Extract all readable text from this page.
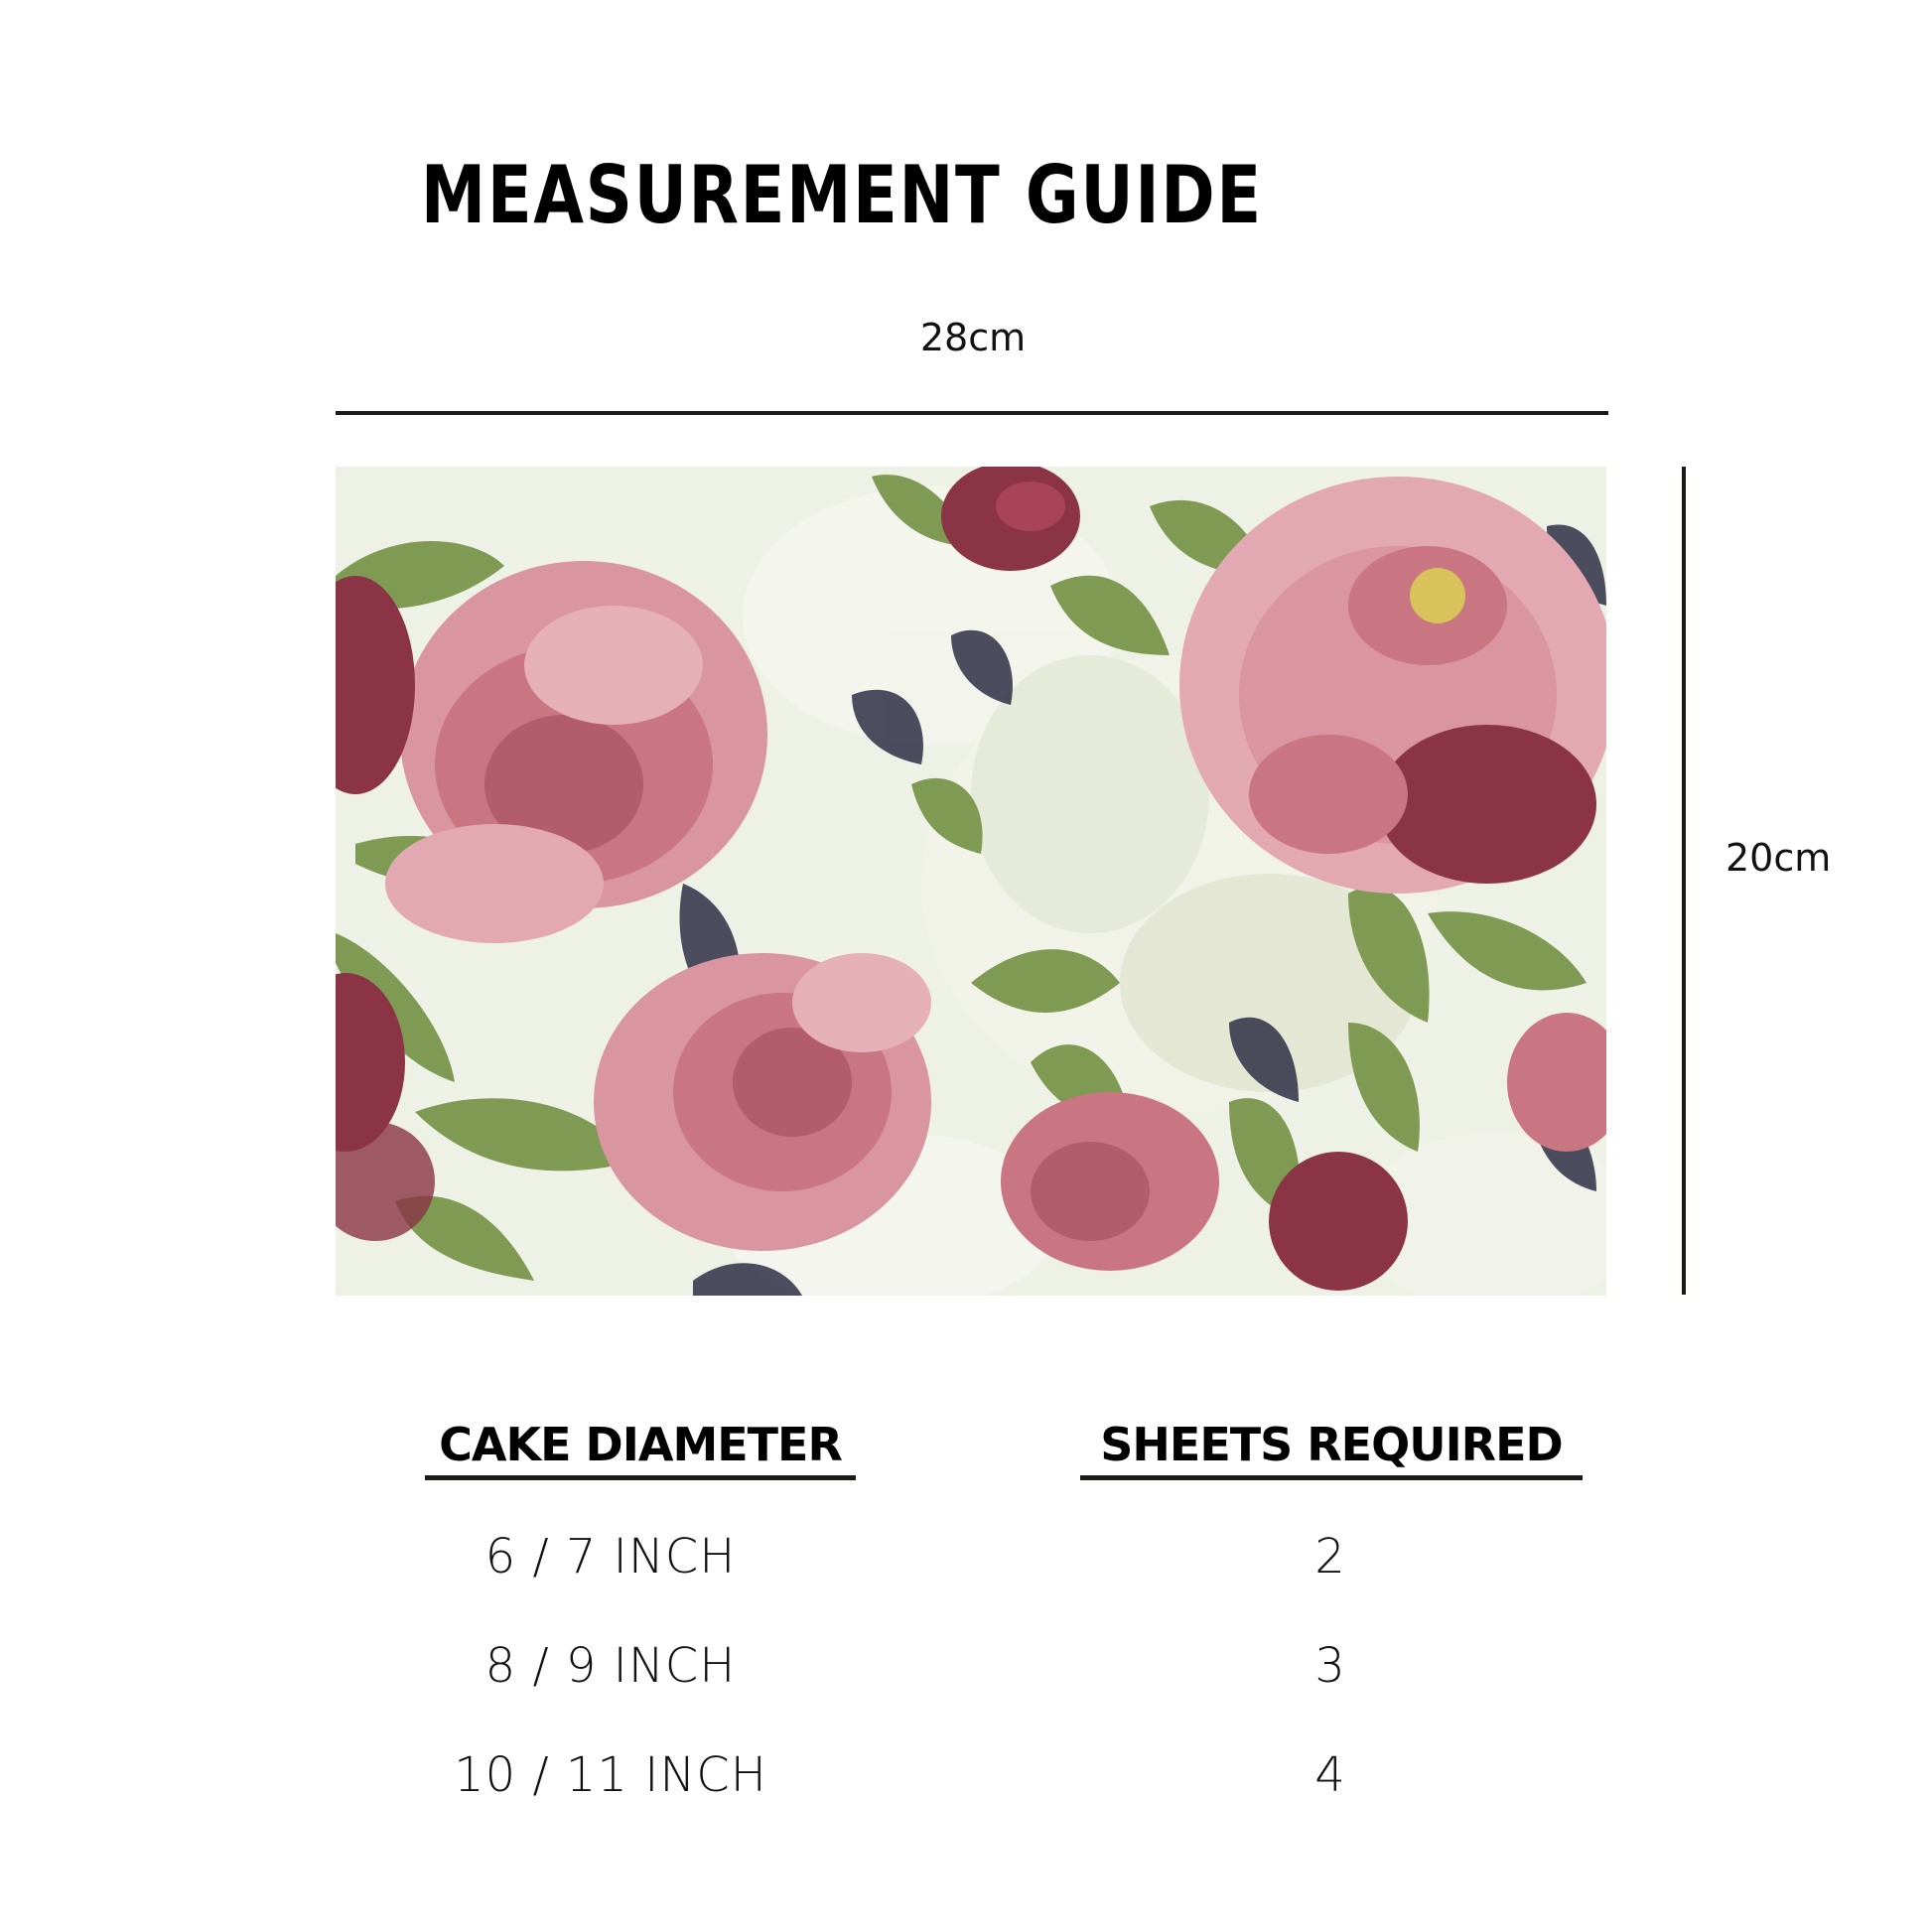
MEASUREMENT GUIDE
28cm
20cm
CAKE DIAMETER	SHEETS REQUIRED
6 / 7 INCH	2
8 / 9 INCH	3
10 / 11 INCH	4
